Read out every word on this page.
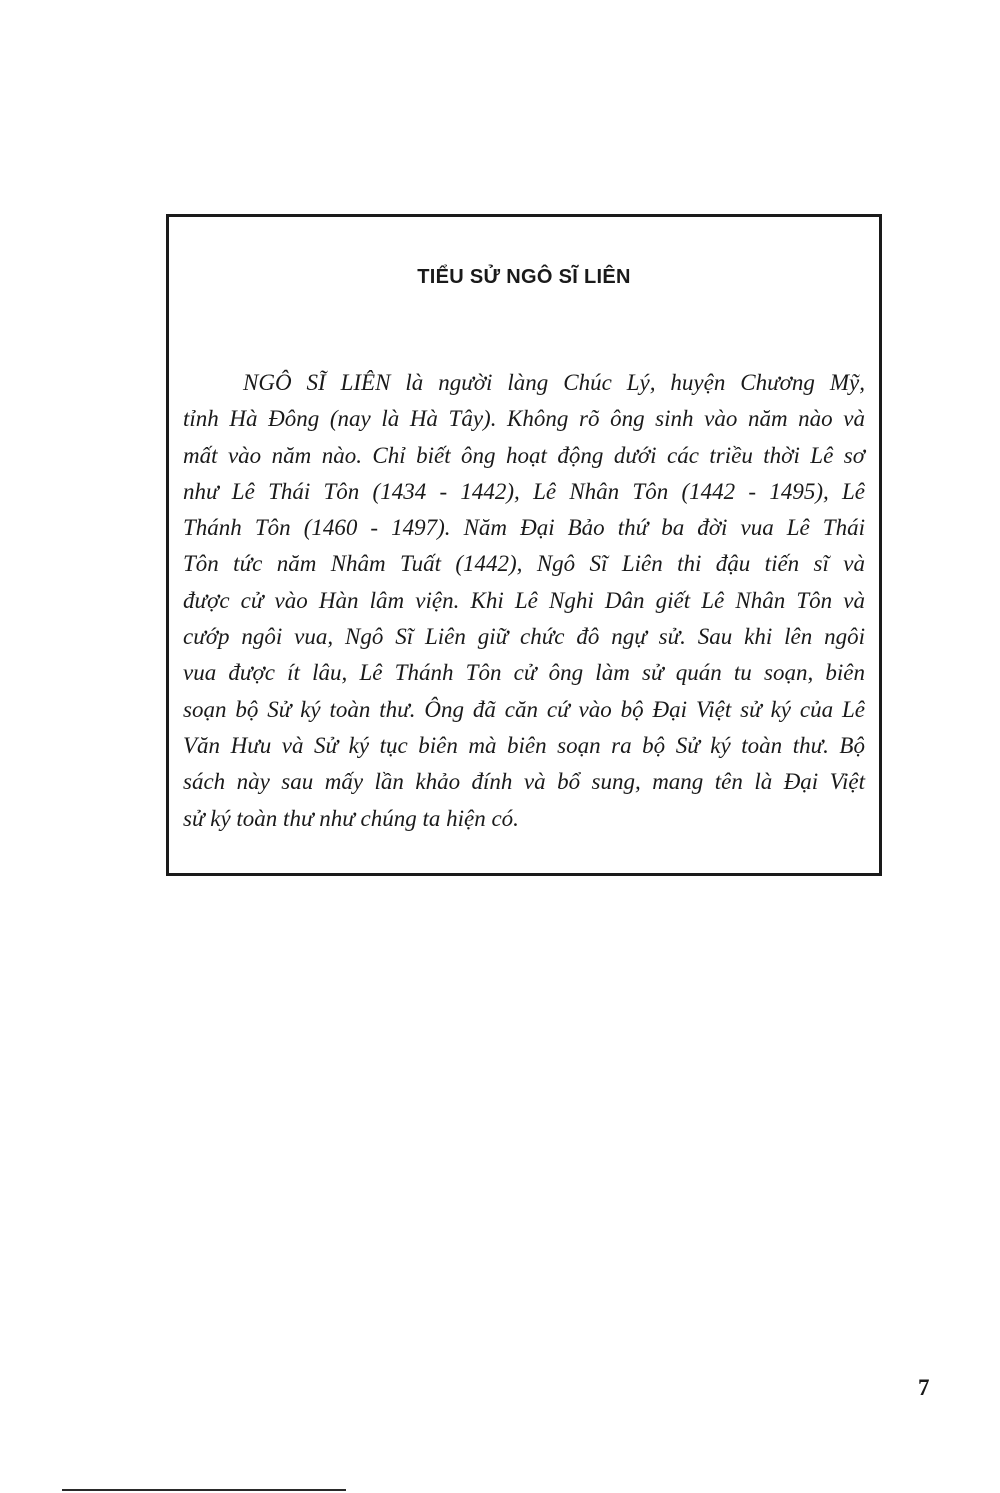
TIỂU SỬ NGÔ SĨ LIÊN

NGÔ SĨ LIÊN là người làng Chúc Lý, huyện Chương Mỹ,
tỉnh Hà Đông (nay là Hà Tây). Không rõ ông sinh vào năm nào và
mất vào năm nào. Chỉ biết ông hoạt động dưới các triều thời Lê sơ
như Lê Thái Tôn (1434 - 1442), Lê Nhân Tôn (1442 - 1495), Lê
Thánh Tôn (1460 - 1497). Năm Đại Bảo thứ ba đời vua Lê Thái
Tôn tức năm Nhâm Tuất (1442), Ngô Sĩ Liên thi đậu tiến sĩ và
được cử vào Hàn lâm viện. Khi Lê Nghi Dân giết Lê Nhân Tôn và
cướp ngôi vua, Ngô Sĩ Liên giữ chức đô ngự sử. Sau khi lên ngôi
vua được ít lâu, Lê Thánh Tôn cử ông làm sử quán tu soạn, biên
soạn bộ Sử ký toàn thư. Ông đã căn cứ vào bộ Đại Việt sử ký của Lê
Văn Hưu và Sử ký tục biên mà biên soạn ra bộ Sử ký toàn thư. Bộ
sách này sau mấy lần khảo đính và bổ sung, mang tên là Đại Việt
sử ký toàn thư như chúng ta hiện có.

7
